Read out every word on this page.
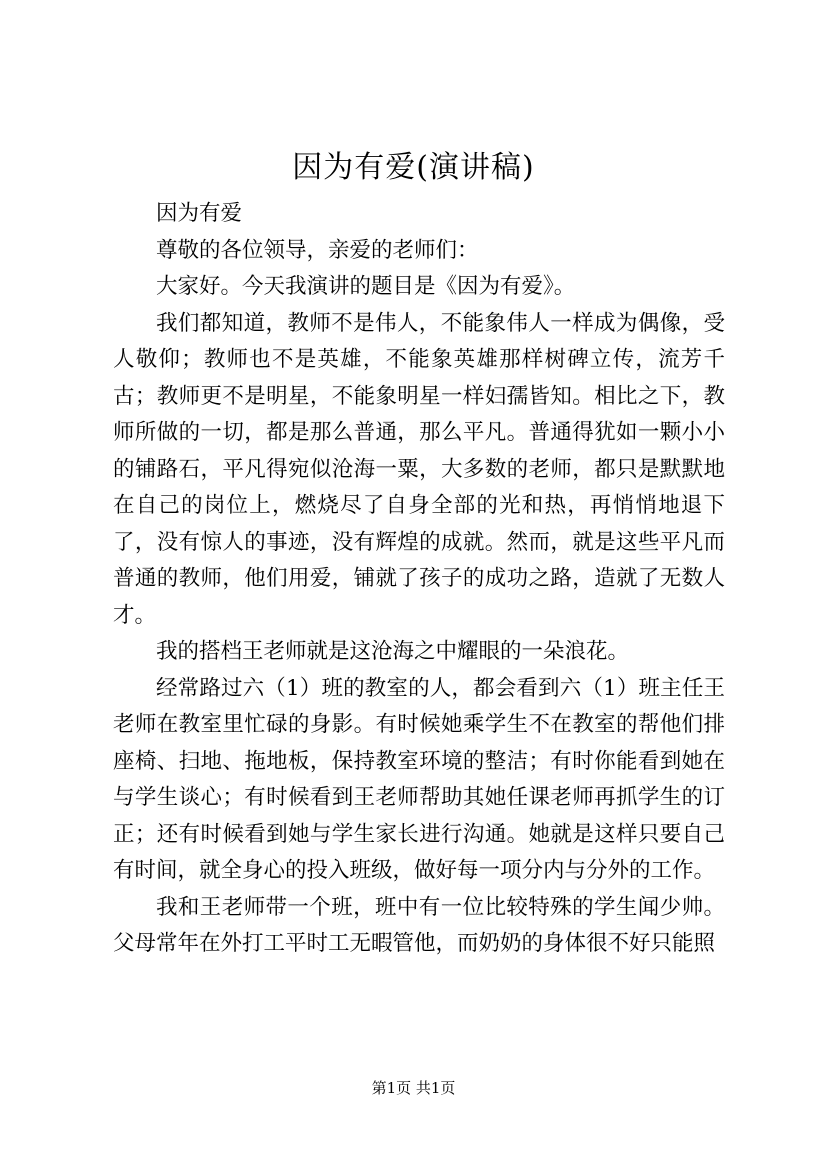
因为有爱(演讲稿)

因为有爱

尊敬的各位领导，亲爱的老师们：

大家好。今天我演讲的题目是《因为有爱》。

我们都知道，教师不是伟人，不能象伟人一样成为偶像，受人敬仰；教师也不是英雄，不能象英雄那样树碑立传，流芳千古；教师更不是明星，不能象明星一样妇孺皆知。相比之下，教师所做的一切，都是那么普通，那么平凡。普通得犹如一颗小小的铺路石，平凡得宛似沧海一粟，大多数的老师，都只是默默地在自己的岗位上，燃烧尽了自身全部的光和热，再悄悄地退下了，没有惊人的事迹，没有辉煌的成就。然而，就是这些平凡而普通的教师，他们用爱，铺就了孩子的成功之路，造就了无数人才。

我的搭档王老师就是这沧海之中耀眼的一朵浪花。

经常路过六（1）班的教室的人，都会看到六（1）班主任王老师在教室里忙碌的身影。有时候她乘学生不在教室的帮他们排座椅、扫地、拖地板，保持教室环境的整洁；有时你能看到她在与学生谈心；有时候看到王老师帮助其她任课老师再抓学生的订正；还有时候看到她与学生家长进行沟通。她就是这样只要自己有时间，就全身心的投入班级，做好每一项分内与分外的工作。

我和王老师带一个班，班中有一位比较特殊的学生闻少帅。父母常年在外打工平时工无暇管他，而奶奶的身体很不好只能照

第1页 共1页
